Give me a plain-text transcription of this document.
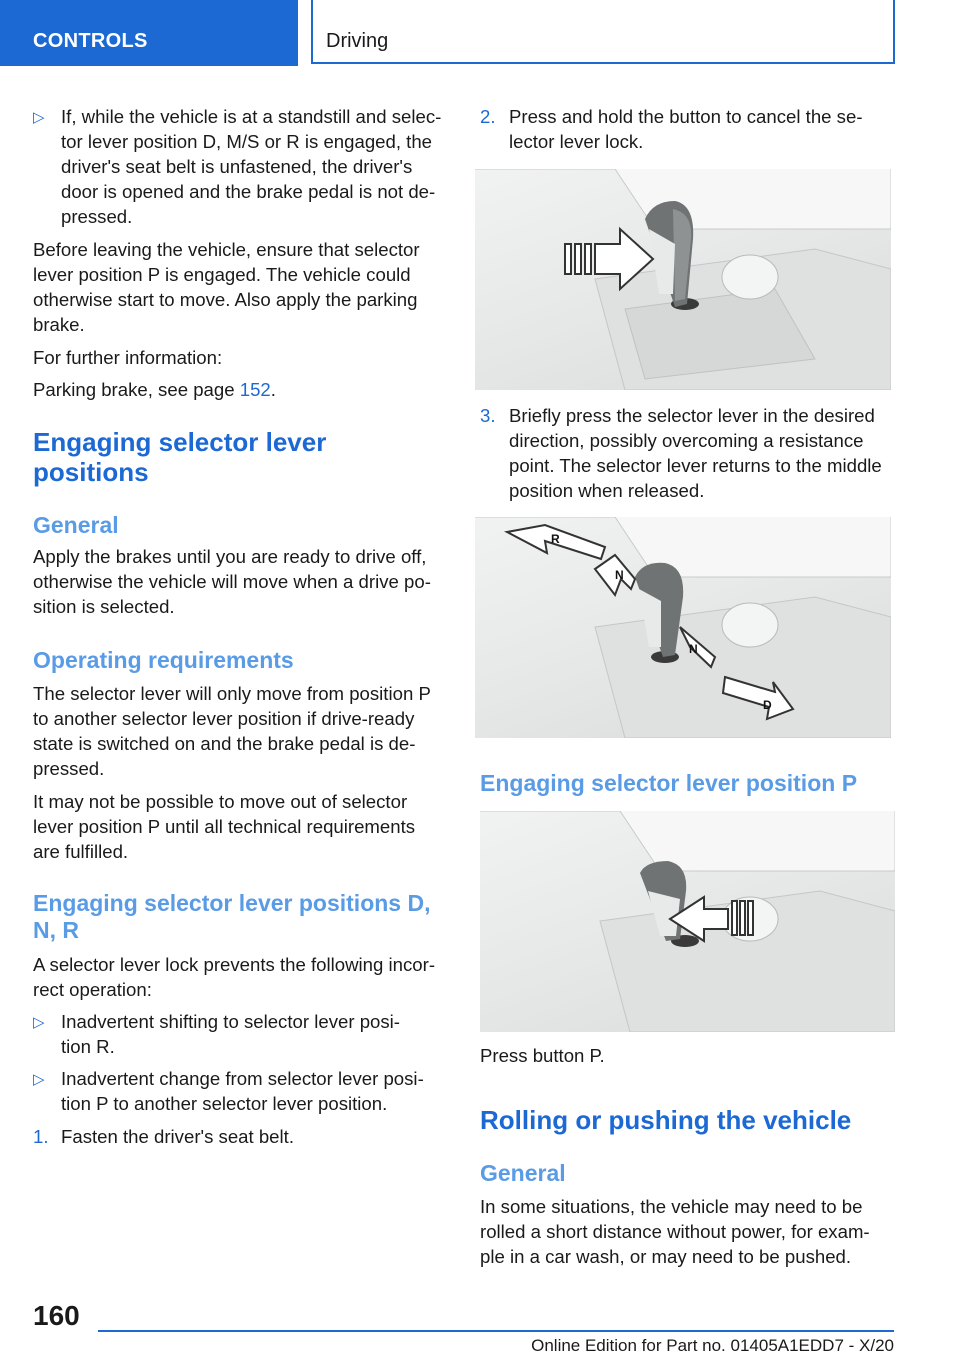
CONTROLS	Driving
▷ If, while the vehicle is at a standstill and selec-

tor lever position D, M/S or R is engaged, the

driver's seat belt is unfastened, the driver's

door is opened and the brake pedal is not de-

pressed.

Before leaving the vehicle, ensure that selector

lever position P is engaged. The vehicle could

otherwise start to move. Also apply the parking

brake.

For further information:

Parking brake, see page 152.

Engaging selector lever
positions
General

Apply the brakes until you are ready to drive off,

otherwise the vehicle will move when a drive po-

sition is selected.

Operating requirements

The selector lever will only move from position P

to another selector lever position if drive-ready

state is switched on and the brake pedal is de-

pressed.

It may not be possible to move out of selector

lever position P until all technical requirements

are fulfilled.

Engaging selector lever positions D,
N, R

A selector lever lock prevents the following incor-

rect operation:

▷ Inadvertent shifting to selector lever posi-

tion R.

▷ Inadvertent change from selector lever posi-

tion P to another selector lever position.

1. Fasten the driver's seat belt.

2. Press and hold the button to cancel the se-

lector lever lock.

3. Briefly press the selector lever in the desired

direction, possibly overcoming a resistance

point. The selector lever returns to the middle

position when released.

R
N
N
D
Engaging selector lever position P

Press button P.

Rolling or pushing the vehicle
General

In some situations, the vehicle may need to be

rolled a short distance without power, for exam-

ple in a car wash, or may need to be pushed.

160
Online Edition for Part no. 01405A1EDD7 - X/20
